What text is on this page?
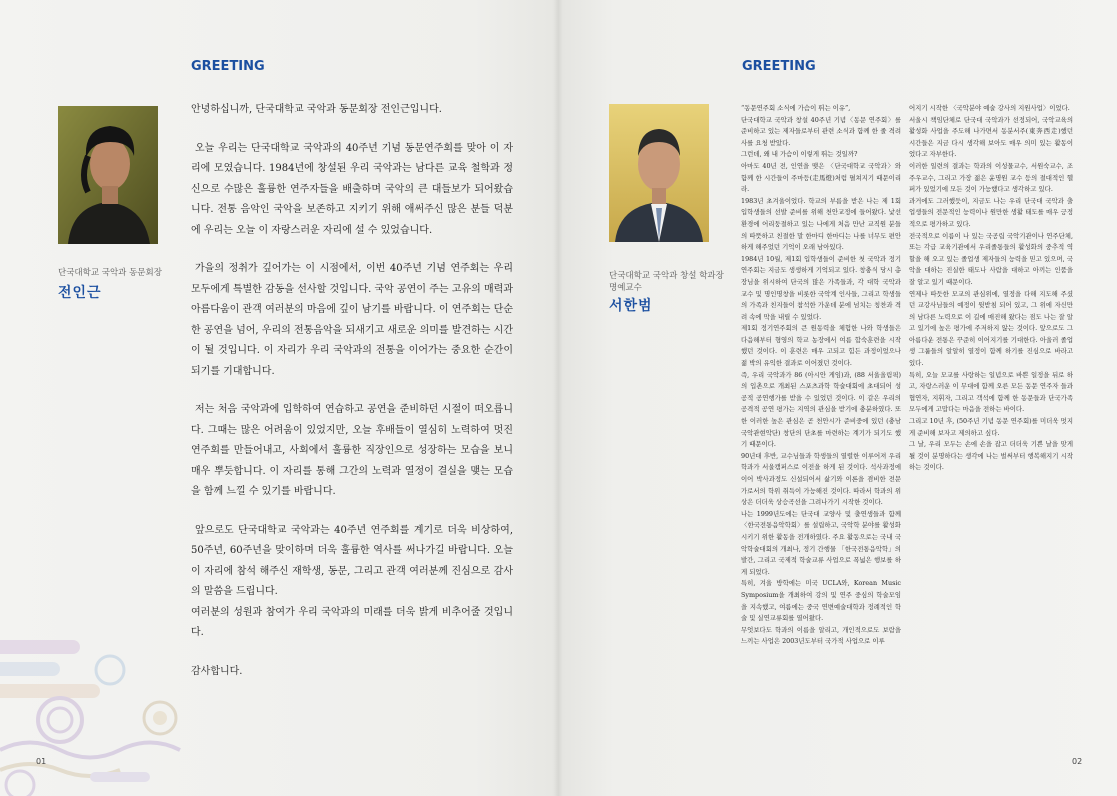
GREETING
단국대학교 국악과 동문회장
전인근

안녕하십니까, 단국대학교 국악과 동문회장 전인근입니다.

오늘 우리는 단국대학교 국악과의 40주년 기념 동문연주회를 맞아 이 자리에 모였습니다. 1984년에 창설된 우리 국악과는 남다른 교육 철학과 정신으로 수많은 훌륭한 연주자들을 배출하며 국악의 큰 대들보가 되어왔습니다. 전통 음악인 국악을 보존하고 지키기 위해 애써주신 많은 분들 덕분에 우리는 오늘 이 자랑스러운 자리에 설 수 있었습니다.

가을의 정취가 깊어가는 이 시점에서, 이번 40주년 기념 연주회는 우리 모두에게 특별한 감동을 선사할 것입니다. 국악 공연이 주는 고유의 매력과 아름다움이 관객 여러분의 마음에 깊이 남기를 바랍니다. 이 연주회는 단순한 공연을 넘어, 우리의 전통음악을 되새기고 새로운 의미를 발견하는 시간이 될 것입니다. 이 자리가 우리 국악과의 전통을 이어가는 중요한 순간이 되기를 기대합니다.

저는 처음 국악과에 입학하여 연습하고 공연을 준비하던 시절이 떠오릅니다. 그때는 많은 어려움이 있었지만, 오늘 후배들이 열심히 노력하여 멋진 연주회를 만들어내고, 사회에서 훌륭한 직장인으로 성장하는 모습을 보니 매우 뿌듯합니다. 이 자리를 통해 그간의 노력과 열정이 결실을 맺는 모습을 함께 느낄 수 있기를 바랍니다.

앞으로도 단국대학교 국악과는 40주년 연주회를 계기로 더욱 비상하여, 50주년, 60주년을 맞이하며 더욱 훌륭한 역사를 써나가길 바랍니다. 오늘 이 자리에 참석 해주신 재학생, 동문, 그리고 관객 여러분께 진심으로 감사의 말씀을 드립니다.

여러분의 성원과 참여가 우리 국악과의 미래를 더욱 밝게 비추어줄 것입니다.

감사합니다.

01
GREETING
단국대학교 국악과 창설 학과장
명예교수
서한범
02

“동문연주회 소식에 가슴이 뛰는 이유”,

단국대학교 국악과 창설 40주년 기념〈동문 연주회〉를 준비하고 있는 제자들로부터 관련 소식과 함께 한 줄 격려사를 요청 받았다.

그런데, 왜 내 가슴이 이렇게 뛰는 것일까?

아마도 40년 전, 인연을 맺은 〈단국대학교 국악과〉와 함께 한 시간들이 주마등(走馬燈)처럼 펼쳐지기 때문이리라.

1983년 초겨울이었다. 학교의 부름을 받은 나는 제 1회 입학생들의 선발 준비를 위해 천안교정에 들어왔다. 낯선 환경에 어리둥절하고 있는 나에게 처음 만난 교직원 분들의 따뜻하고 친절한 말 한마디 한마디는 나를 너무도 편안하게 해주었던 기억이 오래 남아있다.

1984년 10월, 제1회 입학생들이 준비한 첫 국악과 정기연주회는 지금도 생생하게 기억되고 있다. 창충식 당시 총장님을 위시하여 단국의 많은 가족들과, 각 대학 국악과 교수 및 명인명창을 비롯한 국악계 인사들, 그리고 학생들의 가족과 친지들이 참석한 가운데 분에 넘치는 칭찬과 격려 속에 막을 내릴 수 있었다.

제1회 정기연주회의 큰 원동력을 체험한 나와 학생들은 다음해부터 형영의 학교 농장에서 여름 합숙훈련을 시작했던 것이다. 이 훈련은 매우 고되고 힘든 과정이었으나 젊 박의 유익한 결과로 이어졌던 것이다.

즉, 우리 국악과가 86 (아시안 게임)과, (88 서울올림픽)의 입촌으로 개최된 스포츠과학 학술대회에 초대되어 성공적 공연행가를 받을 수 있었던 것이다. 이 같은 우리의 공격적 공연 평가는 지역의 관심을 받기에 충분하였다. 또한 이러한 높은 관심은 곧 천안시가 준비중에 있던 (충남국악관현악단) 창단의 단초를 마련하는 계기가 되기도 했기 때문이다.

90년대 후반, 교수님들과 학생들의 열렬한 이루어져 우리 학과가 서울캠퍼스로 이전을 하게 된 것이다. 석사과정에 이어 박사과정도 신설되어서 삶기와 이론을 겸비한 전문가로서의 학위 취득이 가능해진 것이다. 따라서 학과의 위상은 더더욱 상승곡선을 그려나가기 시작한 것이다.

나는 1999년도에는 단국대 교양사 및 출연생들과 함께 〈한국전통음악학회〉를 설립하고, 국악학 분야를 활성화 시키기 위한 활동을 전개하였다. 주요 활동으로는 국내 국악학술대회의 개최나, 정기 간행물 「한국전통음악학」의 발간, 그리고 국제적 학술교류 사업으로 폭넓은 행보를 하게 되었다.

특히, 겨울 방학에는 미국 UCLA와, Korean Music Symposium을 개최하여 강의 및 연주 중심의 학술모임을 지속했고, 여름에는 중국 연변예술대학과 정례적인 학술 및 실연교류회를 열어왔다.

무엇보다도 학과의 이름을 알리고, 개인적으로도 보람을 느끼는 사업은 2003년도부터 국가적 사업으로 이루

어지기 시작한 〈국악분야 예술 강사의 지원사업〉이었다.

서울시 책임단체로 단국대 국악과가 선정되어, 국악교육의 활성화 사업을 주도해 나가면서 동분서주(東奔西走)했던 시간들은 지금 다시 생각해 보아도 매우 의미 있는 활동이었다고 자부한다.

이러한 일련의 결과는 학과의 이성물교수, 서원숙교수, 조주우교수, 그리고 가장 젊은 윤명원 교수 등의 절대적인 헬퍼가 있었기에 모든 것이 가능했다고 생각하고 있다.

과거에도 그러했듯이, 지금도 나는 우리 단국대 국악과 출업생들의 전문적인 능력이나 원만한 생활 태도를 매우 긍정적으로 평가하고 있다.

전국적으로 이름이 나 있는 국공립 국악기관이나 연주단체, 또는 각급 교육기관에서 우리졸통들의 활성화의 중추적 역할을 해 오고 있는 졸업생 제자들의 능력을 믿고 있으며, 국악을 대하는 진실한 태도나 사람을 대하고 아끼는 인품을 잘 알고 있기 때문이다.

연제나 따듯한 모교의 관심위에, 열정을 다해 지도해 주셨던 교강사님들의 예정이 뒷받침 되어 있고, 그 위에 자신만의 남다른 노력으로 이 길에 매진해 왔다는 점도 나는 잘 알고 있기에 높은 평가에 주저하지 않는 것이다. 앞으로도 그 아름다운 전통은 꾸준히 이어지기를 기대한다. 아울러 졸업생 그룹들의 알알히 열정이 함께 하기를 진심으로 바라고 있다.

특히, 오늘 모교를 사랑하는 일념으로 바쁜 일정을 뒤로 하고, 자랑스러운 이 무대에 함께 오른 모든 동문 연주자 들과 협연자, 지휘자, 그리고 객석에 함께 한 동문들과 단국가족 모두에게 고맙다는 마음을 전하는 바이다.

그리고 10년 후, (50주년 기념 동문 연주회)를 미더욱 멋지게 준비해 보자고 제의하고 싶다.

그 날, 우리 모두는 손에 손을 잡고 더더욱 기쁜 날을 맞게 될 것이 분명하다는 생각에 나는 벌써부터 행복해지기 시작하는 것이다.
